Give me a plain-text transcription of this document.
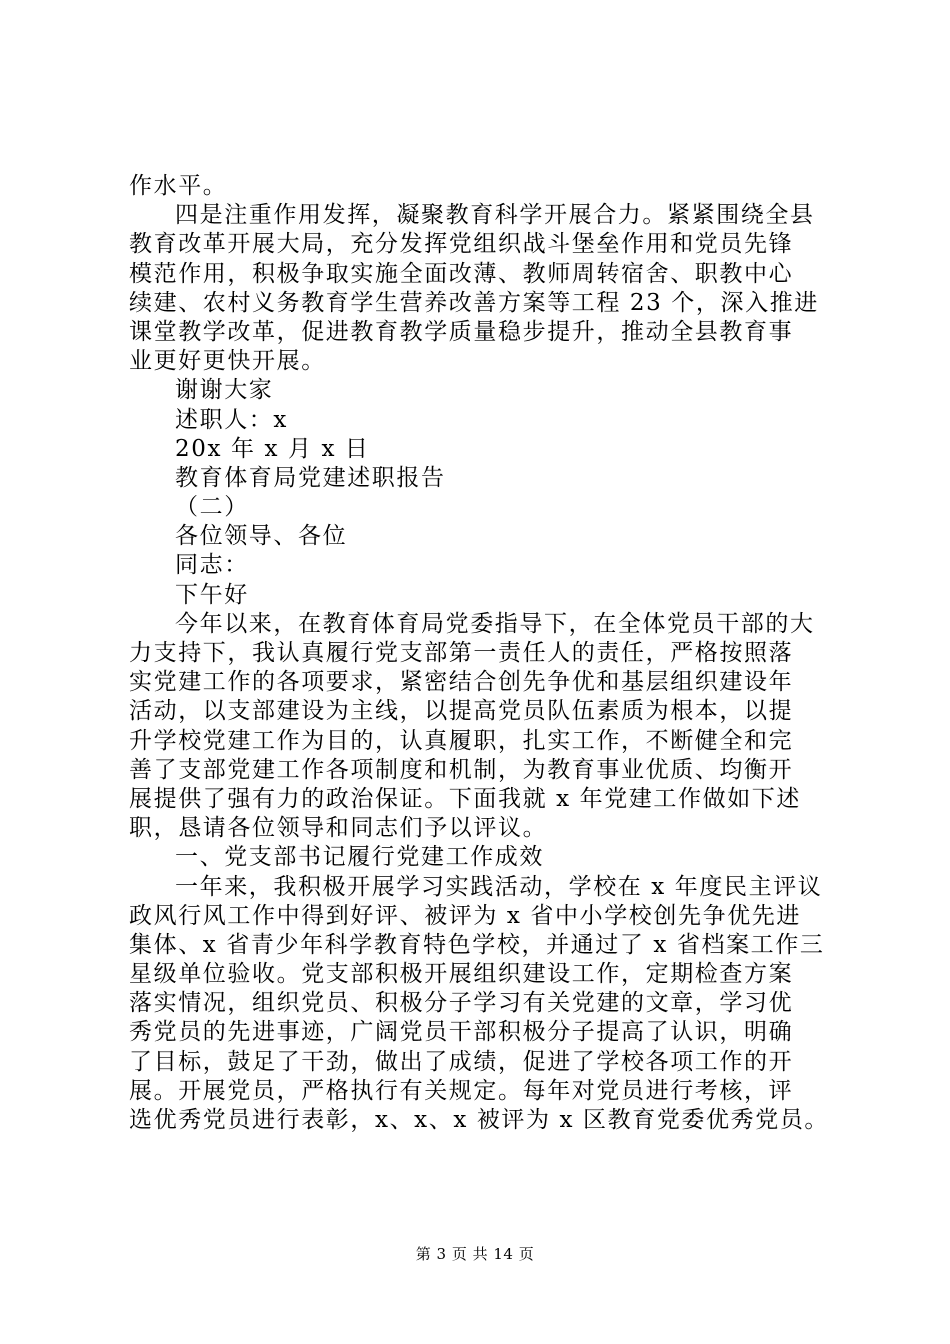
作水平。
四是注重作用发挥，凝聚教育科学开展合力。紧紧围绕全县
教育改革开展大局，充分发挥党组织战斗堡垒作用和党员先锋
模范作用，积极争取实施全面改薄、教师周转宿舍、职教中心
续建、农村义务教育学生营养改善方案等工程 23 个，深入推进
课堂教学改革，促进教育教学质量稳步提升，推动全县教育事
业更好更快开展。
谢谢大家
述职人：x
20x 年 x 月 x 日
教育体育局党建述职报告
（二）
各位领导、各位
同志：
下午好
今年以来，在教育体育局党委指导下，在全体党员干部的大
力支持下，我认真履行党支部第一责任人的责任，严格按照落
实党建工作的各项要求，紧密结合创先争优和基层组织建设年
活动，以支部建设为主线，以提高党员队伍素质为根本，以提
升学校党建工作为目的，认真履职，扎实工作，不断健全和完
善了支部党建工作各项制度和机制，为教育事业优质、均衡开
展提供了强有力的政治保证。下面我就 x 年党建工作做如下述
职，恳请各位领导和同志们予以评议。
一、党支部书记履行党建工作成效
一年来，我积极开展学习实践活动，学校在 x 年度民主评议
政风行风工作中得到好评、被评为 x 省中小学校创先争优先进
集体、x 省青少年科学教育特色学校，并通过了 x 省档案工作三
星级单位验收。党支部积极开展组织建设工作，定期检查方案
落实情况，组织党员、积极分子学习有关党建的文章，学习优
秀党员的先进事迹，广阔党员干部积极分子提高了认识，明确
了目标，鼓足了干劲，做出了成绩，促进了学校各项工作的开
展。开展党员，严格执行有关规定。每年对党员进行考核，评
选优秀党员进行表彰，x、x、x 被评为 x 区教育党委优秀党员。
第 3 页 共 14 页
